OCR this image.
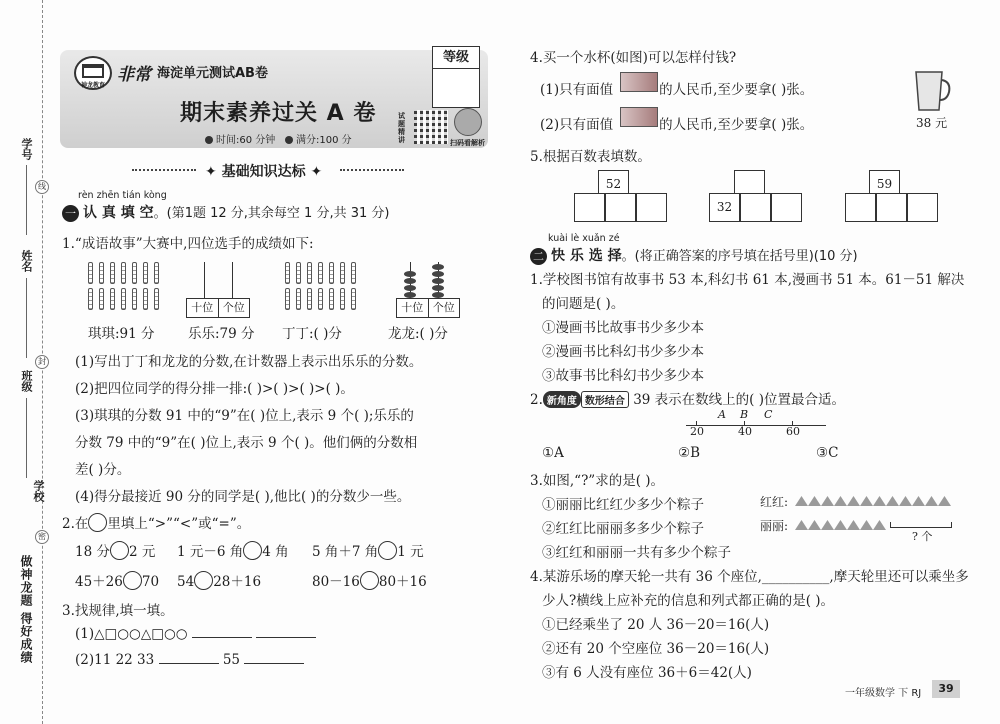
学号
姓名
班级
学校
线
封
密
做神龙题 得好成绩
神龙教育
非常 海淀单元测试AB卷
期末素养过关 A 卷
时间:60 分钟	满分:100 分
等级
试题精讲	扫码看解析
✦ 基础知识达标 ✦
rèn zhēn tián kòng
一 认 真 填 空。(第1题 12 分,其余每空 1 分,共 31 分)
1.“成语故事”大赛中,四位选手的成绩如下:
十位 个位	十位 个位
琪琪:91 分 乐乐:79 分 丁丁:( )分	龙龙:( )分
(1)写出丁丁和龙龙的分数,在计数器上表示出乐乐的分数。
(2)把四位同学的得分排一排:( )>( )>( )>( )。
(3)琪琪的分数 91 中的“9”在( )位上,表示 9 个( );乐乐的
分数 79 中的“9”在( )位上,表示 9 个( )。他们俩的分数相
差( )分。
(4)得分最接近 90 分的同学是( ),他比( )的分数少一些。
2.在 里填上“>”“<”或“=”。
18 分 2 元 1 元－6 角 4 角 5 角＋7 角 1 元
45＋26 70 54 28＋16	80－16 80＋16
3.找规律,填一填。
(1)△□○○△□○○
(2)11 22 33	55
4.买一个水杯(如图)可以怎样付钱?
(1)只有面值	的人民币,至少要拿( )张。
(2)只有面值	的人民币,至少要拿( )张。	38 元
5.根据百数表填数。
52
32
59
kuài lè xuǎn zé
二 快 乐 选 择。(将正确答案的序号填在括号里)(10 分)
1.学校图书馆有故事书 53 本,科幻书 61 本,漫画书 51 本。61－51 解决
的问题是( )。
①漫画书比故事书少多少本
②漫画书比科幻书少多少本
③故事书比科幻书少多少本
2. 新角度 数形结合 39 表示在数线上的( )位置最合适。
20	40	60
A B C
①A	②B	③C
3.如图,“?”求的是( )。
①丽丽比红红少多少个粽子
②红红比丽丽多多少个粽子
③红红和丽丽一共有多少个粽子
红红:
丽丽:
? 个
4.某游乐场的摩天轮一共有 36 个座位,__________,摩天轮里还可以乘坐多
少人?横线上应补充的信息和列式都正确的是( )。
①已经乘坐了 20 人 36－20＝16(人)
②还有 20 个空座位 36－20＝16(人)
③有 6 人没有座位 36＋6＝42(人)
一年级数学 下 RJ	39
